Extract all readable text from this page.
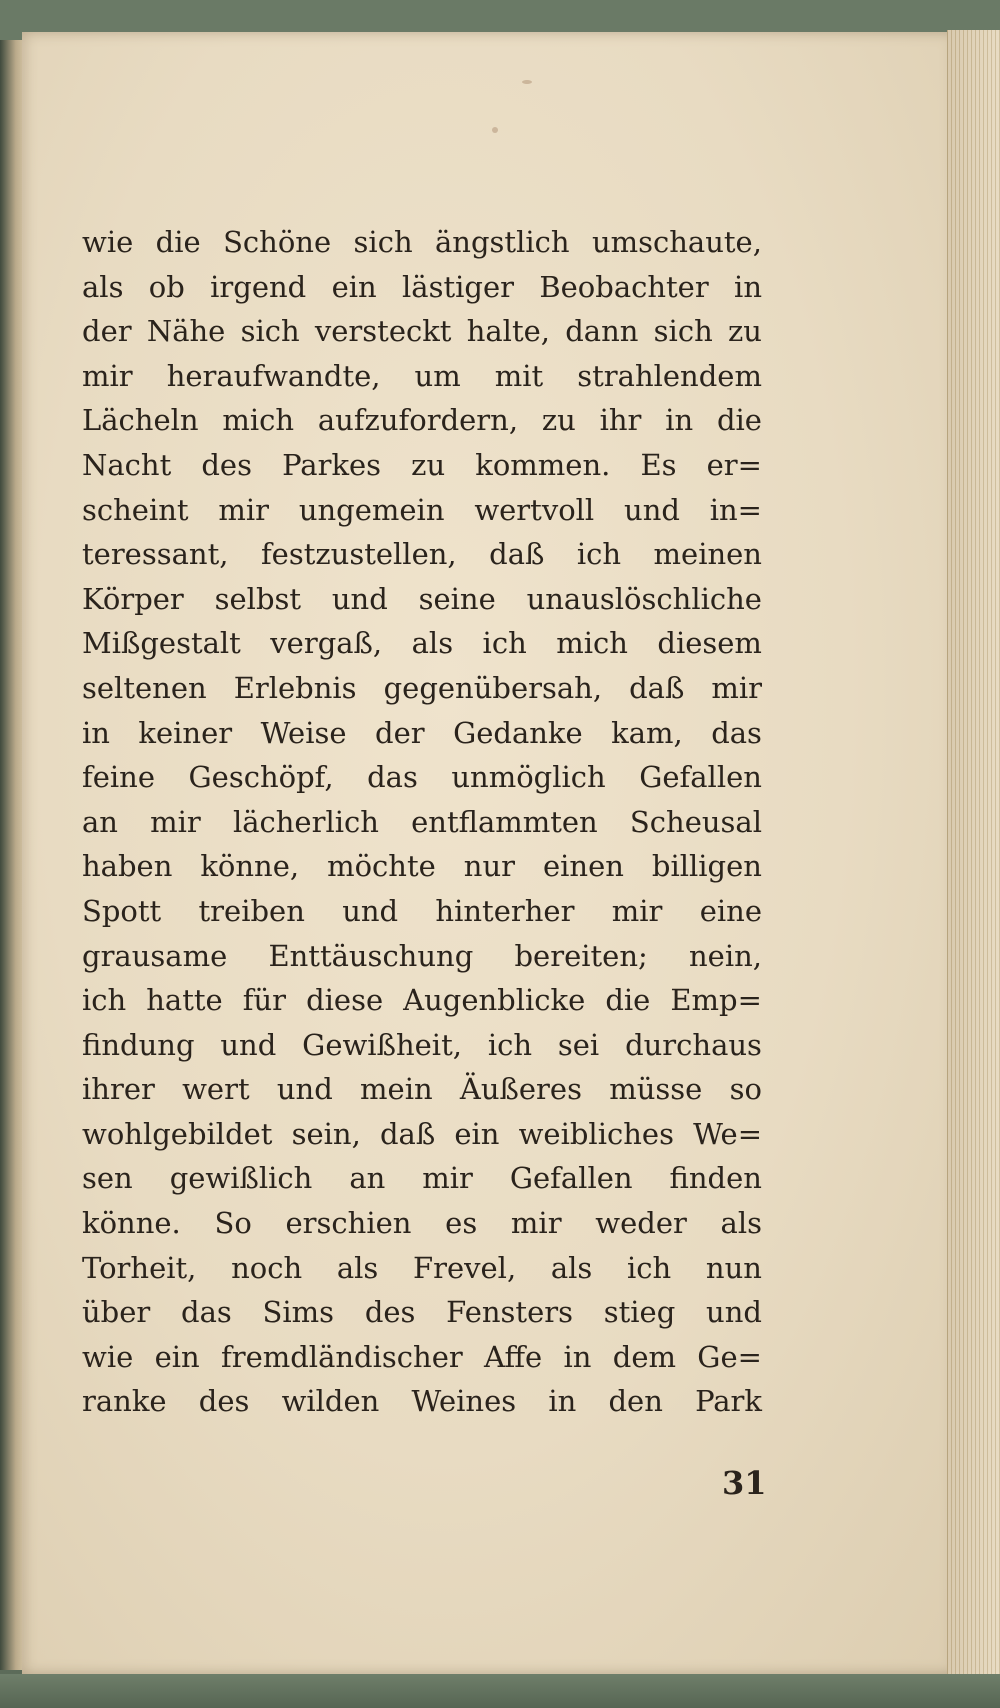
wie die Schöne sich ängstlich umschaute,
als ob irgend ein lästiger Beobachter in
der Nähe sich versteckt halte, dann sich zu
mir heraufwandte, um mit strahlendem
Lächeln mich aufzufordern, zu ihr in die
Nacht des Parkes zu kommen. Es er=
scheint mir ungemein wertvoll und in=
teressant, festzustellen, daß ich meinen
Körper selbst und seine unauslöschliche
Mißgestalt vergaß, als ich mich diesem
seltenen Erlebnis gegenübersah, daß mir
in keiner Weise der Gedanke kam, das
feine Geschöpf, das unmöglich Gefallen
an mir lächerlich entflammten Scheusal
haben könne, möchte nur einen billigen
Spott treiben und hinterher mir eine
grausame Enttäuschung bereiten; nein,
ich hatte für diese Augenblicke die Emp=
findung und Gewißheit, ich sei durchaus
ihrer wert und mein Äußeres müsse so
wohlgebildet sein, daß ein weibliches We=
sen gewißlich an mir Gefallen finden
könne. So erschien es mir weder als
Torheit, noch als Frevel, als ich nun
über das Sims des Fensters stieg und
wie ein fremdländischer Affe in dem Ge=
ranke des wilden Weines in den Park
31
